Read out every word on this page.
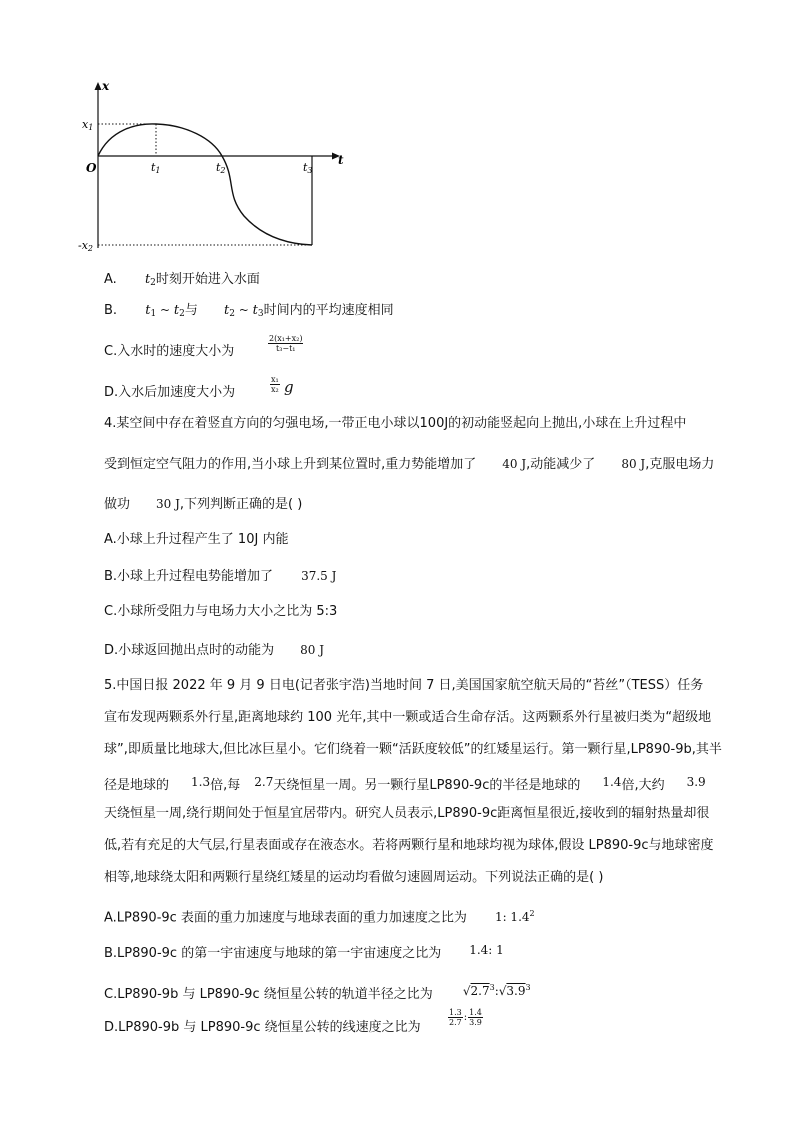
x
t
O
x1
-x2
t1	t2	t3
A. t2时刻开始进入水面
B. t1 ~ t2与 t2 ~ t3时间内的平均速度相同
C.入水时的速度大小为	$\frac{\text{2(x₁+x₂)}}{\text{t₃−t₁}}$
D.入水后加速度大小为	$\frac{\text{x₁}}{\text{x₂}}$ g
4.某空间中存在着竖直方向的匀强电场,一带正电小球以100J的初动能竖起向上抛出,小球在上升过程中
受到恒定空气阻力的作用,当小球上升到某位置时,重力势能增加了 40 J,动能减少了 80 J,克服电场力
做功 30 J,下列判断正确的是( )
A.小球上升过程产生了 10J 内能
B.小球上升过程电势能增加了 37.5 J
C.小球所受阻力与电场力大小之比为 5:3
D.小球返回抛出点时的动能为 80 J
5.中国日报 2022 年 9 月 9 日电(记者张宇浩)当地时间 7 日,美国国家航空航天局的“苔丝”（TESS）任务
宣布发现两颗系外行星,距离地球约 100 光年,其中一颗或适合生命存活。这两颗系外行星被归类为“超级地
球”,即质量比地球大,但比冰巨星小。它们绕着一颗“活跃度较低”的红矮星运行。第一颗行星,LP890-9b,其半
径是地球的 1.3倍,每 2.7天绕恒星一周。另一颗行星LP890-9c的半径是地球的 1.4倍,大约 3.9
天绕恒星一周,绕行期间处于恒星宜居带内。研究人员表示,LP890-9c距离恒星很近,接收到的辐射热量却很
低,若有充足的大气层,行星表面或存在液态水。若将两颗行星和地球均视为球体,假设 LP890-9c与地球密度
相等,地球绕太阳和两颗行星绕红矮星的运动均看做匀速圆周运动。下列说法正确的是( )
A.LP890-9c 表面的重力加速度与地球表面的重力加速度之比为 1: $1.4^2$
B.LP890-9c 的第一宇宙速度与地球的第一宇宙速度之比为 1.4: 1
C.LP890-9b 与 LP890-9c 绕恒星公转的轨道半径之比为	$√2.7^3:√3.9^3$
D.LP890-9b 与 LP890-9c 绕恒星公转的线速度之比为
$\frac{1.3}{2.7}$ : $\frac{1.4}{3.9}$
